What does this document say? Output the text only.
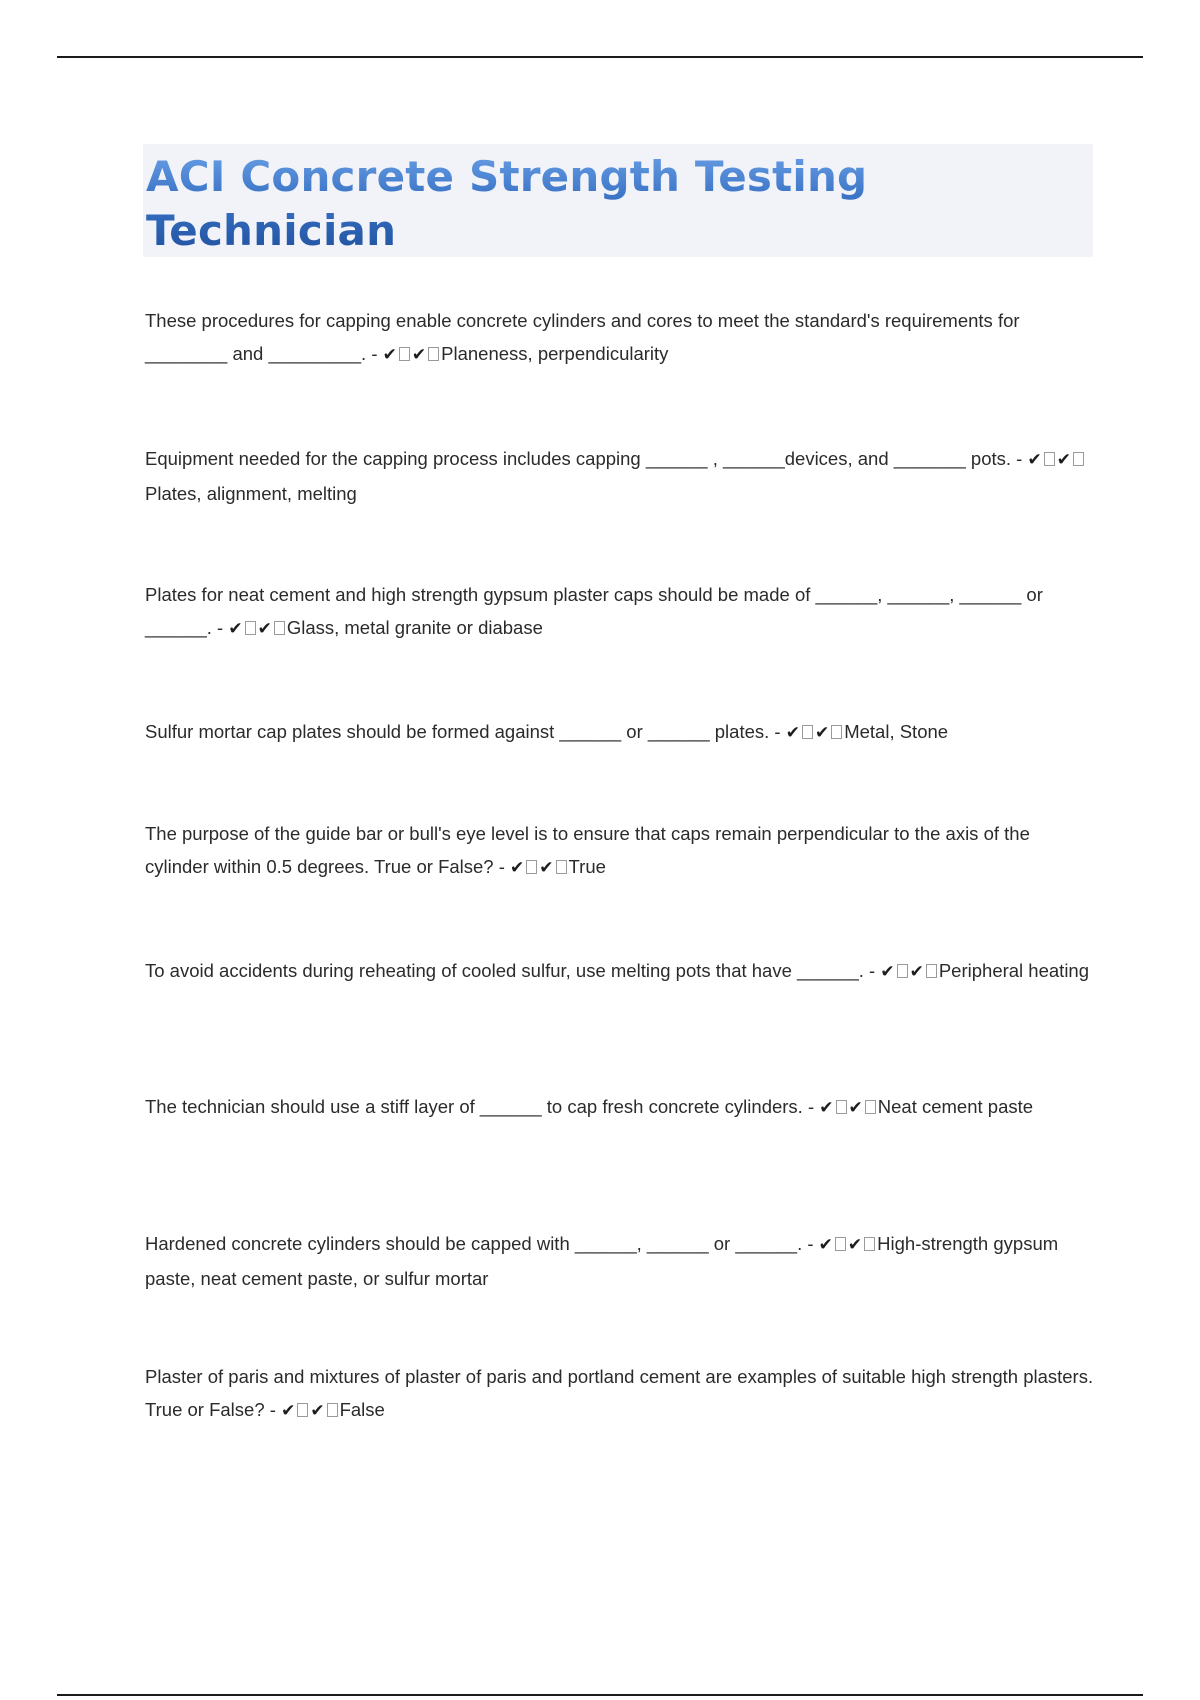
ACI Concrete Strength Testing Technician

These procedures for capping enable concrete cylinders and cores to meet the standard's requirements for ________ and _________. - ✔ ✔ Planeness, perpendicularity

Equipment needed for the capping process includes capping ______ , ______devices, and _______ pots. - ✔ ✔Plates, alignment, melting

Plates for neat cement and high strength gypsum plaster caps should be made of ______, ______, ______ or ______. - ✔ ✔ Glass, metal granite or diabase

Sulfur mortar cap plates should be formed against ______ or ______ plates. - ✔ ✔ Metal, Stone

The purpose of the guide bar or bull's eye level is to ensure that caps remain perpendicular to the axis of the cylinder within 0.5 degrees. True or False? - ✔ ✔ True

To avoid accidents during reheating of cooled sulfur, use melting pots that have ______. - ✔ ✔ Peripheral heating

The technician should use a stiff layer of ______ to cap fresh concrete cylinders. - ✔ ✔ Neat cement paste

Hardened concrete cylinders should be capped with ______, ______ or ______. - ✔ ✔ High-strength gypsum paste, neat cement paste, or sulfur mortar

Plaster of paris and mixtures of plaster of paris and portland cement are examples of suitable high strength plasters. True or False? - ✔ ✔ False
